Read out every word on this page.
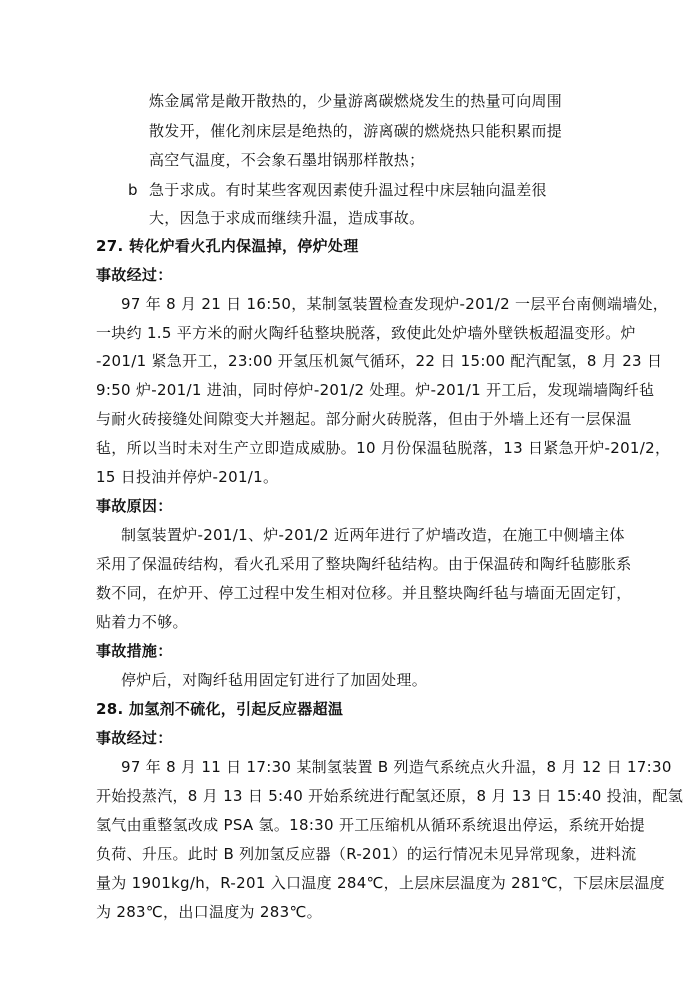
炼金属常是敞开散热的，少量游离碳燃烧发生的热量可向周围
散发开，催化剂床层是绝热的，游离碳的燃烧热只能积累而提
高空气温度，不会象石墨坩锅那样散热；
b 急于求成。有时某些客观因素使升温过程中床层轴向温差很
大，因急于求成而继续升温，造成事故。
27. 转化炉看火孔内保温掉，停炉处理
事故经过：
97 年 8 月 21 日 16:50，某制氢装置检查发现炉-201/2 一层平台南侧端墙处，
一块约 1.5 平方米的耐火陶纤毡整块脱落，致使此处炉墙外壁铁板超温变形。炉
-201/1 紧急开工，23:00 开氢压机氮气循环，22 日 15:00 配汽配氢，8 月 23 日
9:50 炉-201/1 进油，同时停炉-201/2 处理。炉-201/1 开工后，发现端墙陶纤毡
与耐火砖接缝处间隙变大并翘起。部分耐火砖脱落，但由于外墙上还有一层保温
毡，所以当时未对生产立即造成威胁。10 月份保温毡脱落，13 日紧急开炉-201/2，
15 日投油并停炉-201/1。
事故原因：
制氢装置炉-201/1、炉-201/2 近两年进行了炉墙改造，在施工中侧墙主体
采用了保温砖结构，看火孔采用了整块陶纤毡结构。由于保温砖和陶纤毡膨胀系
数不同，在炉开、停工过程中发生相对位移。并且整块陶纤毡与墙面无固定钉，
贴着力不够。
事故措施：
停炉后，对陶纤毡用固定钉进行了加固处理。
28. 加氢剂不硫化，引起反应器超温
事故经过：
97 年 8 月 11 日 17:30 某制氢装置 B 列造气系统点火升温，8 月 12 日 17:30
开始投蒸汽，8 月 13 日 5:40 开始系统进行配氢还原，8 月 13 日 15:40 投油，配氢
氢气由重整氢改成 PSA 氢。18:30 开工压缩机从循环系统退出停运，系统开始提
负荷、升压。此时 B 列加氢反应器（R-201）的运行情况未见异常现象，进料流
量为 1901kg/h，R-201 入口温度 284℃，上层床层温度为 281℃，下层床层温度
为 283℃，出口温度为 283℃。
